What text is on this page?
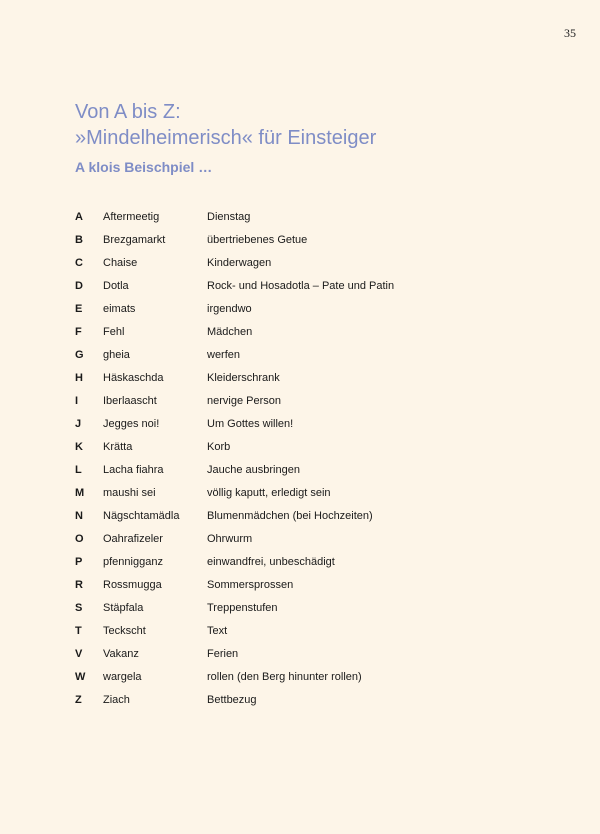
35
Von A bis Z:
»Mindelheimerisch« für Einsteiger
A klois Beischpiel …
A	Aftermeetig	Dienstag
B	Brezgamarkt	übertriebenes Getue
C	Chaise	Kinderwagen
D	Dotla	Rock- und Hosadotla – Pate und Patin
E	eimats	irgendwo
F	Fehl	Mädchen
G	gheia	werfen
H	Häskaschda	Kleiderschrank
I	Iberlaascht	nervige Person
J	Jegges noi!	Um Gottes willen!
K	Krätta	Korb
L	Lacha fiahra	Jauche ausbringen
M	maushi sei	völlig kaputt, erledigt sein
N	Nägschtamädla	Blumenmädchen (bei Hochzeiten)
O	Oahrafizeler	Ohrwurm
P	pfennigganz	einwandfrei, unbeschädigt
R	Rossmugga	Sommersprossen
S	Stäpfala	Treppenstufen
T	Teckscht	Text
V	Vakanz	Ferien
W	wargela	rollen (den Berg hinunter rollen)
Z	Ziach	Bettbezug
